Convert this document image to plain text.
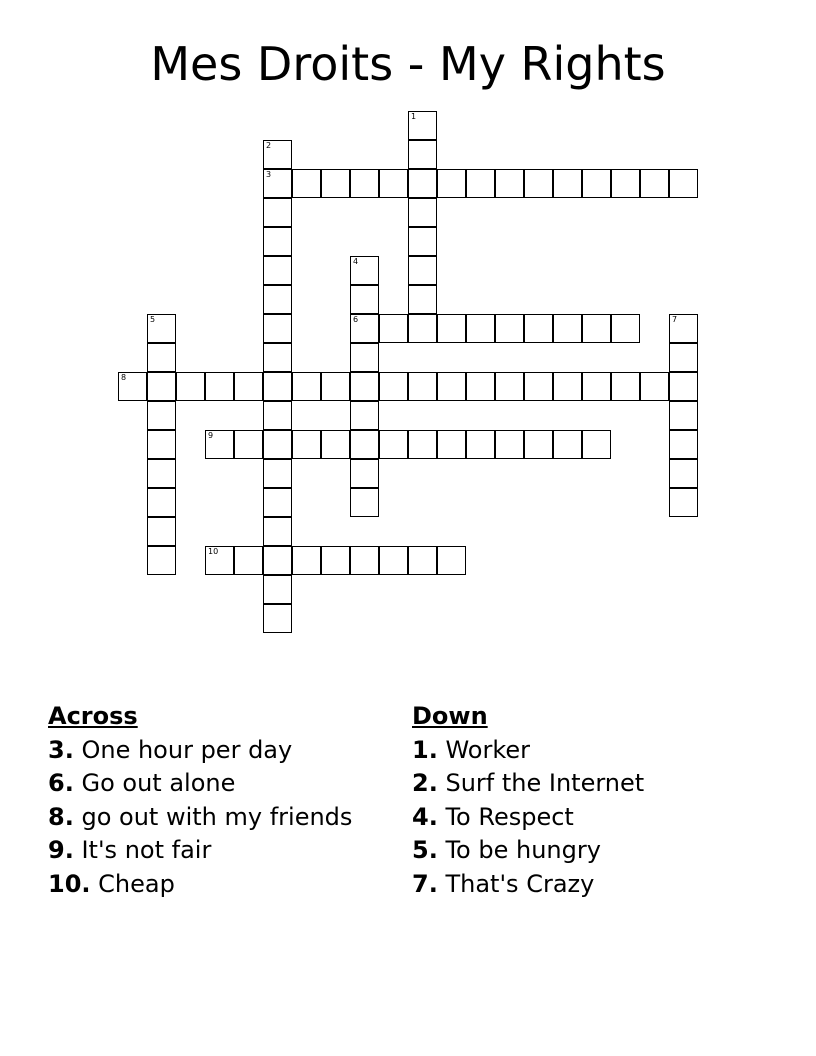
Mes Droits - My Rights
1
2
3
4
6
5	7
8
9
10
Across
3. One hour per day
6. Go out alone
8. go out with my friends
9. It's not fair
10. Cheap
Down
1. Worker
2. Surf the Internet
4. To Respect
5. To be hungry
7. That's Crazy
